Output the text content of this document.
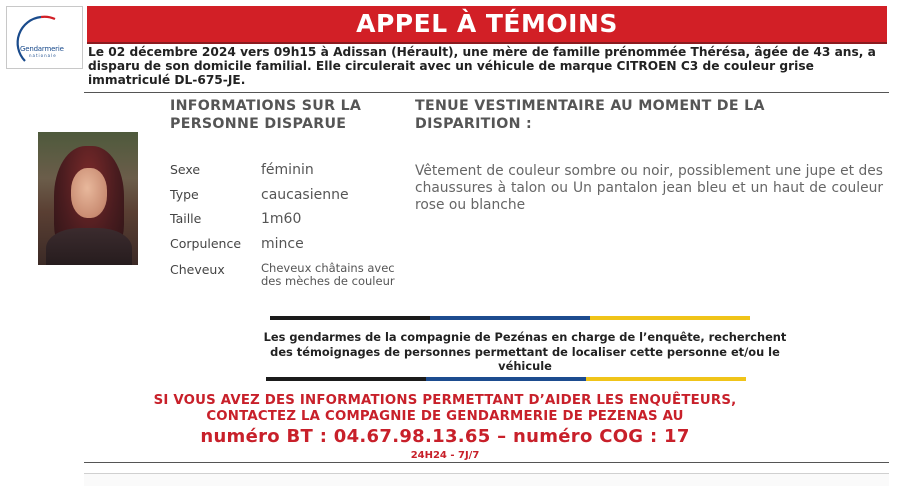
Gendarmerie
nationale
APPEL À TÉMOINS
Le 02 décembre 2024 vers 09h15 à Adissan (Hérault), une mère de famille prénommée Thérésa, âgée de 43 ans, a disparu de son domicile familial. Elle circulerait avec un véhicule de marque CITROEN C3 de couleur grise immatriculé DL-675-JE.
INFORMATIONS SUR LA PERSONNE DISPARUE
Sexe	féminin
Type	caucasienne
Taille	1m60
Corpulence	mince
Cheveux	Cheveux châtains avec des mèches de couleur
TENUE VESTIMENTAIRE AU MOMENT DE LA DISPARITION :
Vêtement de couleur sombre ou noir, possiblement une jupe et des chaussures à talon ou Un pantalon jean bleu et un haut de couleur rose ou blanche
Les gendarmes de la compagnie de Pezénas en charge de l’enquête, recherchent des témoignages de personnes permettant de localiser cette personne et/ou le véhicule
SI VOUS AVEZ DES INFORMATIONS PERMETTANT D’AIDER LES ENQUÊTEURS,
CONTACTEZ LA COMPAGNIE DE GENDARMERIE DE PEZENAS AU
numéro BT : 04.67.98.13.65 – numéro COG : 17
24H24 - 7J/7
